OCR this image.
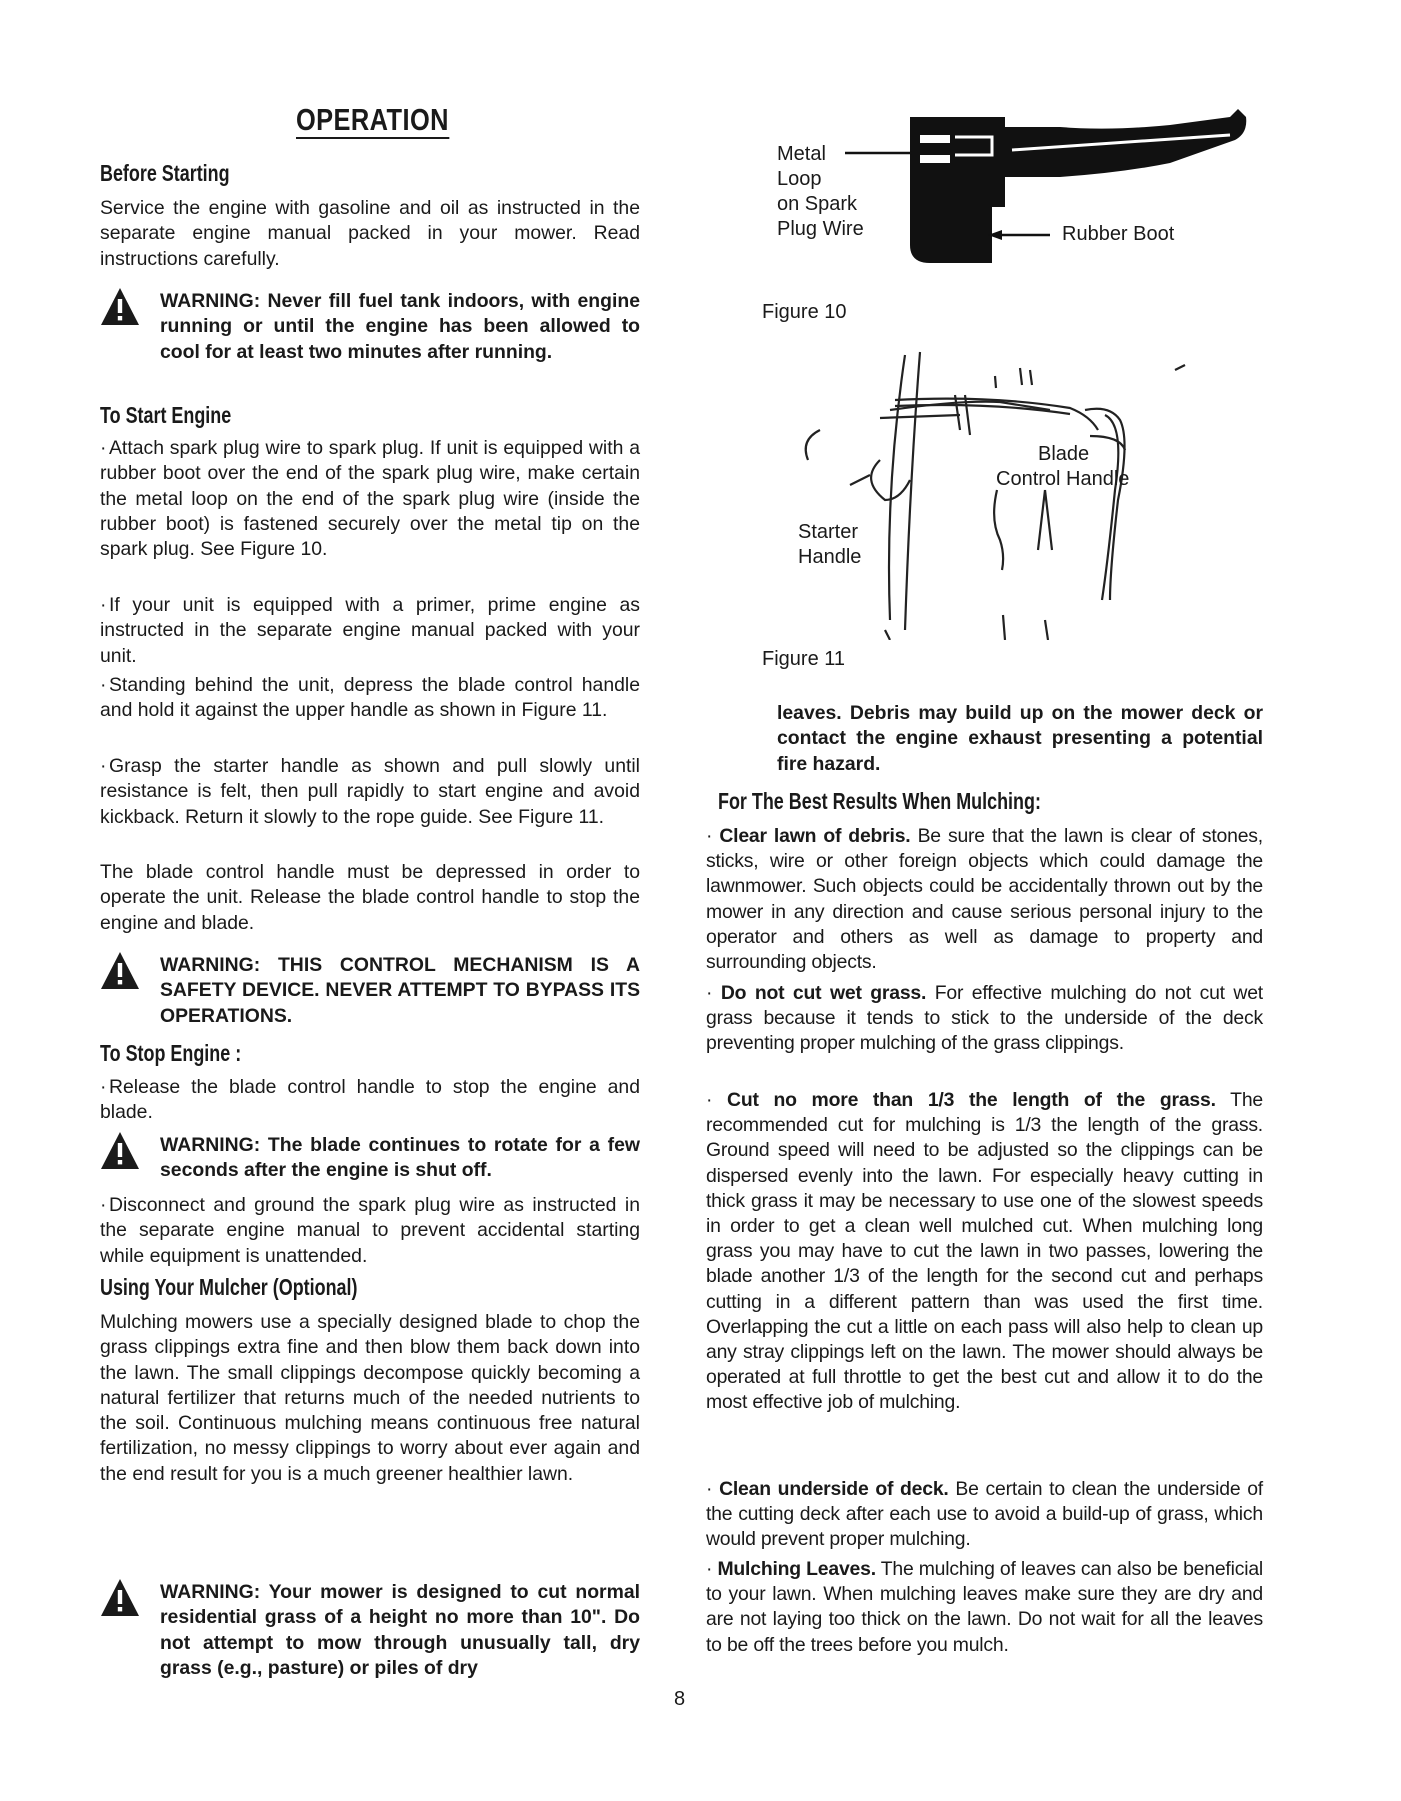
OPERATION
Before Starting

Service the engine with gasoline and oil as instructed in the separate engine manual packed in your mower. Read instructions carefully.

WARNING: Never fill fuel tank indoors, with engine running or until the engine has been allowed to cool for at least two minutes after running.
To Start Engine

· Attach spark plug wire to spark plug. If unit is equipped with a rubber boot over the end of the spark plug wire, make certain the metal loop on the end of the spark plug wire (inside the rubber boot) is fastened securely over the metal tip on the spark plug. See Figure 10.

· If your unit is equipped with a primer, prime engine as instructed in the separate engine manual packed with your unit.

· Standing behind the unit, depress the blade control handle and hold it against the upper handle as shown in Figure 11.

· Grasp the starter handle as shown and pull slowly until resistance is felt, then pull rapidly to start engine and avoid kickback. Return it slowly to the rope guide. See Figure 11.

The blade control handle must be depressed in order to operate the unit. Release the blade control handle to stop the engine and blade.

WARNING: THIS CONTROL MECHANISM IS A SAFETY DEVICE. NEVER ATTEMPT TO BYPASS ITS OPERATIONS.
To Stop Engine :

· Release the blade control handle to stop the engine and blade.

WARNING: The blade continues to rotate for a few seconds after the engine is shut off.

· Disconnect and ground the spark plug wire as instructed in the separate engine manual to prevent accidental starting while equipment is unattended.

Using Your Mulcher (Optional)

Mulching mowers use a specially designed blade to chop the grass clippings extra fine and then blow them back down into the lawn. The small clippings decompose quickly becoming a natural fertilizer that returns much of the needed nutrients to the soil. Continuous mulching means continuous free natural fertilization, no messy clippings to worry about ever again and the end result for you is a much greener healthier lawn.

WARNING: Your mower is designed to cut normal residential grass of a height no more than 10". Do not attempt to mow through unusually tall, dry grass (e.g., pasture) or piles of dry
Metal
Loop
on Spark
Plug Wire	Rubber Boot
Figure 10
Blade
Control Handle
Starter
Handle
Figure 11

leaves. Debris may build up on the mower deck or contact the engine exhaust presenting a potential fire hazard.

For The Best Results When Mulching:

· Clear lawn of debris. Be sure that the lawn is clear of stones, sticks, wire or other foreign objects which could damage the lawnmower. Such objects could be accidentally thrown out by the mower in any direction and cause serious personal injury to the operator and others as well as damage to property and surrounding objects.

· Do not cut wet grass. For effective mulching do not cut wet grass because it tends to stick to the underside of the deck preventing proper mulching of the grass clippings.

· Cut no more than 1/3 the length of the grass. The recommended cut for mulching is 1/3 the length of the grass. Ground speed will need to be adjusted so the clippings can be dispersed evenly into the lawn. For especially heavy cutting in thick grass it may be necessary to use one of the slowest speeds in order to get a clean well mulched cut. When mulching long grass you may have to cut the lawn in two passes, lowering the blade another 1/3 of the length for the second cut and perhaps cutting in a different pattern than was used the first time. Overlapping the cut a little on each pass will also help to clean up any stray clippings left on the lawn. The mower should always be operated at full throttle to get the best cut and allow it to do the most effective job of mulching.

· Clean underside of deck. Be certain to clean the underside of the cutting deck after each use to avoid a build-up of grass, which would prevent proper mulching.

· Mulching Leaves. The mulching of leaves can also be beneficial to your lawn. When mulching leaves make sure they are dry and are not laying too thick on the lawn. Do not wait for all the leaves to be off the trees before you mulch.

8
